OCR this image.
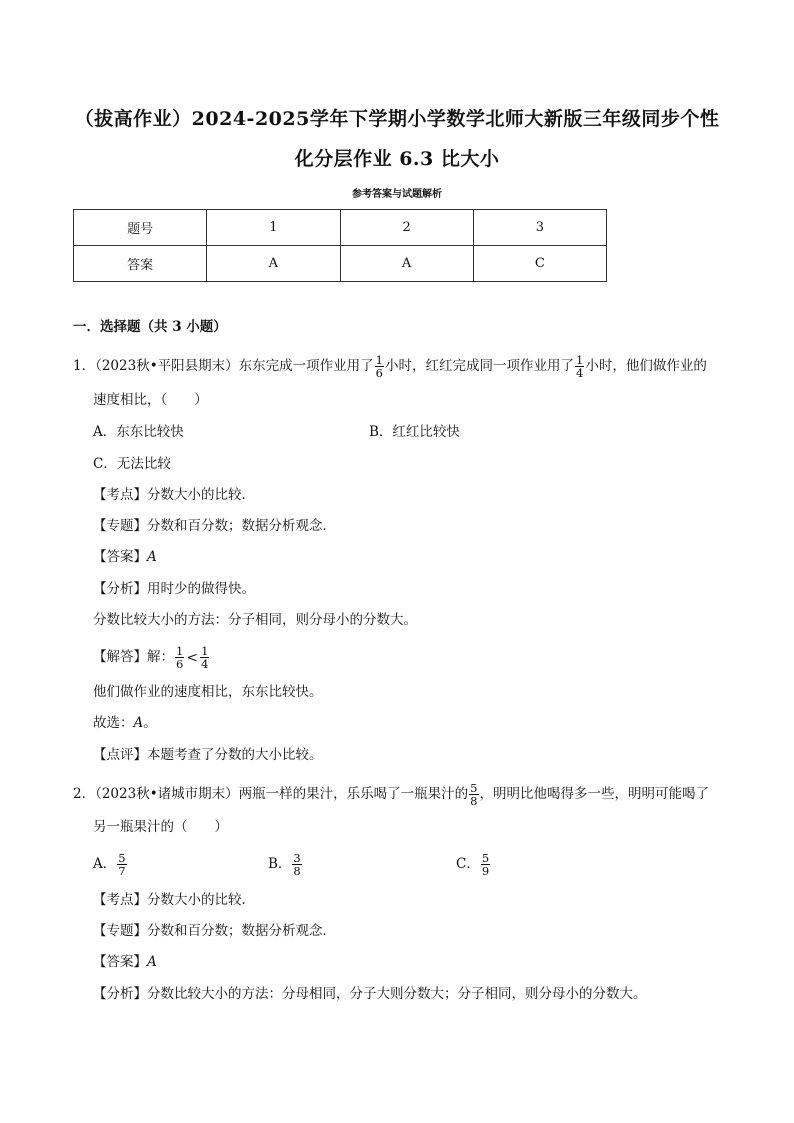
（拔高作业）2024-2025学年下学期小学数学北师大新版三年级同步个性
化分层作业 6.3 比大小
参考答案与试题解析
题号	1	2	3
答案	A	A	C
一．选择题（共 3 小题）
1．（2023秋•平阳县期末）东东完成一项作业用了 $\frac{1}{6}$ 小时，红红完成同一项作业用了 $\frac{1}{4}$ 小时，他们做作业的
速度相比，（　　）
A．东东比较快	B．红红比较快
C．无法比较
【考点】分数大小的比较．
【专题】分数和百分数；数据分析观念．
【答案】A
【分析】用时少的做得快。
分数比较大小的方法：分子相同，则分母小的分数大。
【解答】解： $\frac{1}{6} < \frac{1}{4}$
他们做作业的速度相比，东东比较快。
故选：A。
【点评】本题考查了分数的大小比较。
2．（2023秋•诸城市期末）两瓶一样的果汁，乐乐喝了一瓶果汁的 $\frac{5}{8}$ ，明明比他喝得多一些，明明可能喝了
另一瓶果汁的（　　）
A． $\frac{5}{7}$	B． $\frac{3}{8}$	C． $\frac{5}{9}$
【考点】分数大小的比较．
【专题】分数和百分数；数据分析观念．
【答案】A
【分析】分数比较大小的方法：分母相同，分子大则分数大；分子相同，则分母小的分数大。
